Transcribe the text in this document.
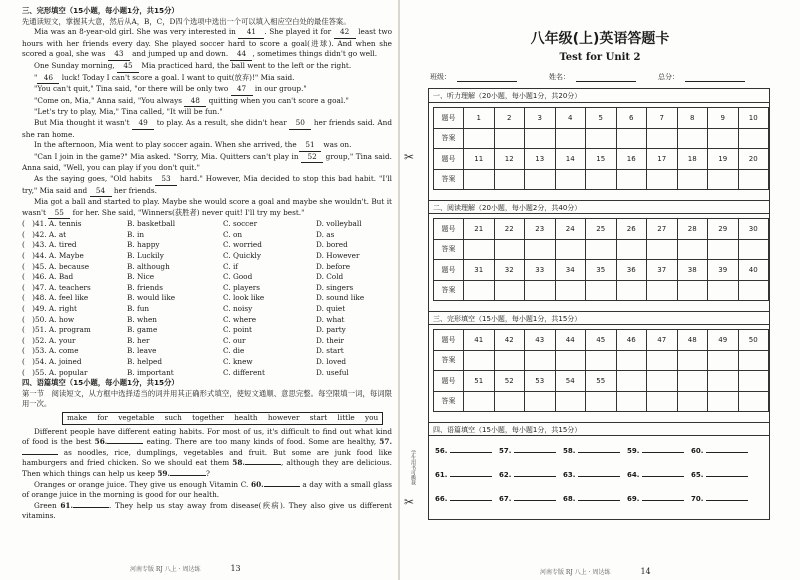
三、完形填空（15小题，每小题1分，共15分）
先通读短文，掌握其大意，然后从A，B，C，D四个选项中选出一个可以填入相应空白处的最佳答案。
Mia was an 8-year-old girl. She was very interested in 41 . She played it for 42 least two hours with her friends every day. She played soccer hard to score a goal(进球). And when she scored a goal, she was 43 and jumped up and down. 44 , sometimes things didn't go well.
One Sunday morning, 45 Mia practiced hard, the ball went to the left or the right.
" 46 luck! Today I can't score a goal. I want to quit(放弃)!" Mia said.
"You can't quit," Tina said, "or there will be only two 47 in our group."
"Come on, Mia," Anna said, "You always 48 quitting when you can't score a goal."
"Let's try to play, Mia," Tina called, "It will be fun."
But Mia thought it wasn't 49 to play. As a result, she didn't hear 50 her friends said. And she ran home.
In the afternoon, Mia went to play soccer again. When she arrived, the 51 was on.
"Can I join in the game?" Mia asked. "Sorry, Mia. Quitters can't play in 52 group," Tina said. Anna said, "Well, you can play if you don't quit."
As the saying goes, "Old habits 53 hard." However, Mia decided to stop this bad habit. "I'll try," Mia said and 54 her friends.
Mia got a ball and started to play. Maybe she would score a goal and maybe she wouldn't. But it wasn't 55 for her. She said, "Winners(获胜者) never quit! I'll try my best."
(　)41. A. tennis	B. basketball	C. soccer	D. volleyball
(　)42. A. at	B. in	C. on	D. as
(　)43. A. tired	B. happy	C. worried	D. bored
(　)44. A. Maybe	B. Luckily	C. Quickly	D. However
(　)45. A. because	B. although	C. if	D. before
(　)46. A. Bad	B. Nice	C. Good	D. Cold
(　)47. A. teachers	B. friends	C. players	D. singers
(　)48. A. feel like	B. would like	C. look like	D. sound like
(　)49. A. right	B. fun	C. noisy	D. quiet
(　)50. A. how	B. when	C. where	D. what
(　)51. A. program	B. game	C. point	D. party
(　)52. A. your	B. her	C. our	D. their
(　)53. A. come	B. leave	C. die	D. start
(　)54. A. joined	B. helped	C. knew	D. loved
(　)55. A. popular	B. important	C. different	D. useful
四、语篇填空（15小题，每小题1分，共15分）
第一节　阅读短文，从方框中选择适当的词并用其正确形式填空，使短文通顺、意思完整。每空限填一词，每词限用一次。
make for vegetable such together health however start little you
Different people have different eating habits. For most of us, it's difficult to find out what kind of food is the best 56.	eating. There are too many kinds of food. Some are healthy, 57. as noodles, rice, dumplings, vegetables and fruit. But some are junk food like hamburgers and fried chicken. So we should eat them 58.	, although they are delicious. Then which things can help us keep 59.	?
Oranges or orange juice. They give us enough Vitamin C. 60.	a day with a small glass of orange juice in the morning is good for our health.
Green 61.	. They help us stay away from disease(疾病). They also give us different vitamins.
河南专版 RJ 八上 · 周达练	13
八年级(上)英语答题卡
Test for Unit 2
班级：	姓名：	总分：
河南专版 RJ 八上 · 周达练	14
一、听力理解（20小题，每小题1分，共20分）
题号	1	2	3	4	5	6	7	8	9	10
答案										
题号	11	12	13	14	15	16	17	18	19	20
答案										
二、阅读理解（20小题，每小题2分，共40分）
题号	21	22	23	24	25	26	27	28	29	30
答案										
题号	31	32	33	34	35	36	37	38	39	40
答案										
三、完形填空（15小题，每小题1分，共15分）
题号	41	42	43	44	45	46	47	48	49	50
答案										
题号	51	52	53	54	55					
答案										
四、语篇填空（15小题，每小题1分，共15分）
56.	57.	58.	59.	60.
61.	62.	63.	64.	65.
66.	67.	68.	69.	70.
✂
✂
学生用书可撕裁
